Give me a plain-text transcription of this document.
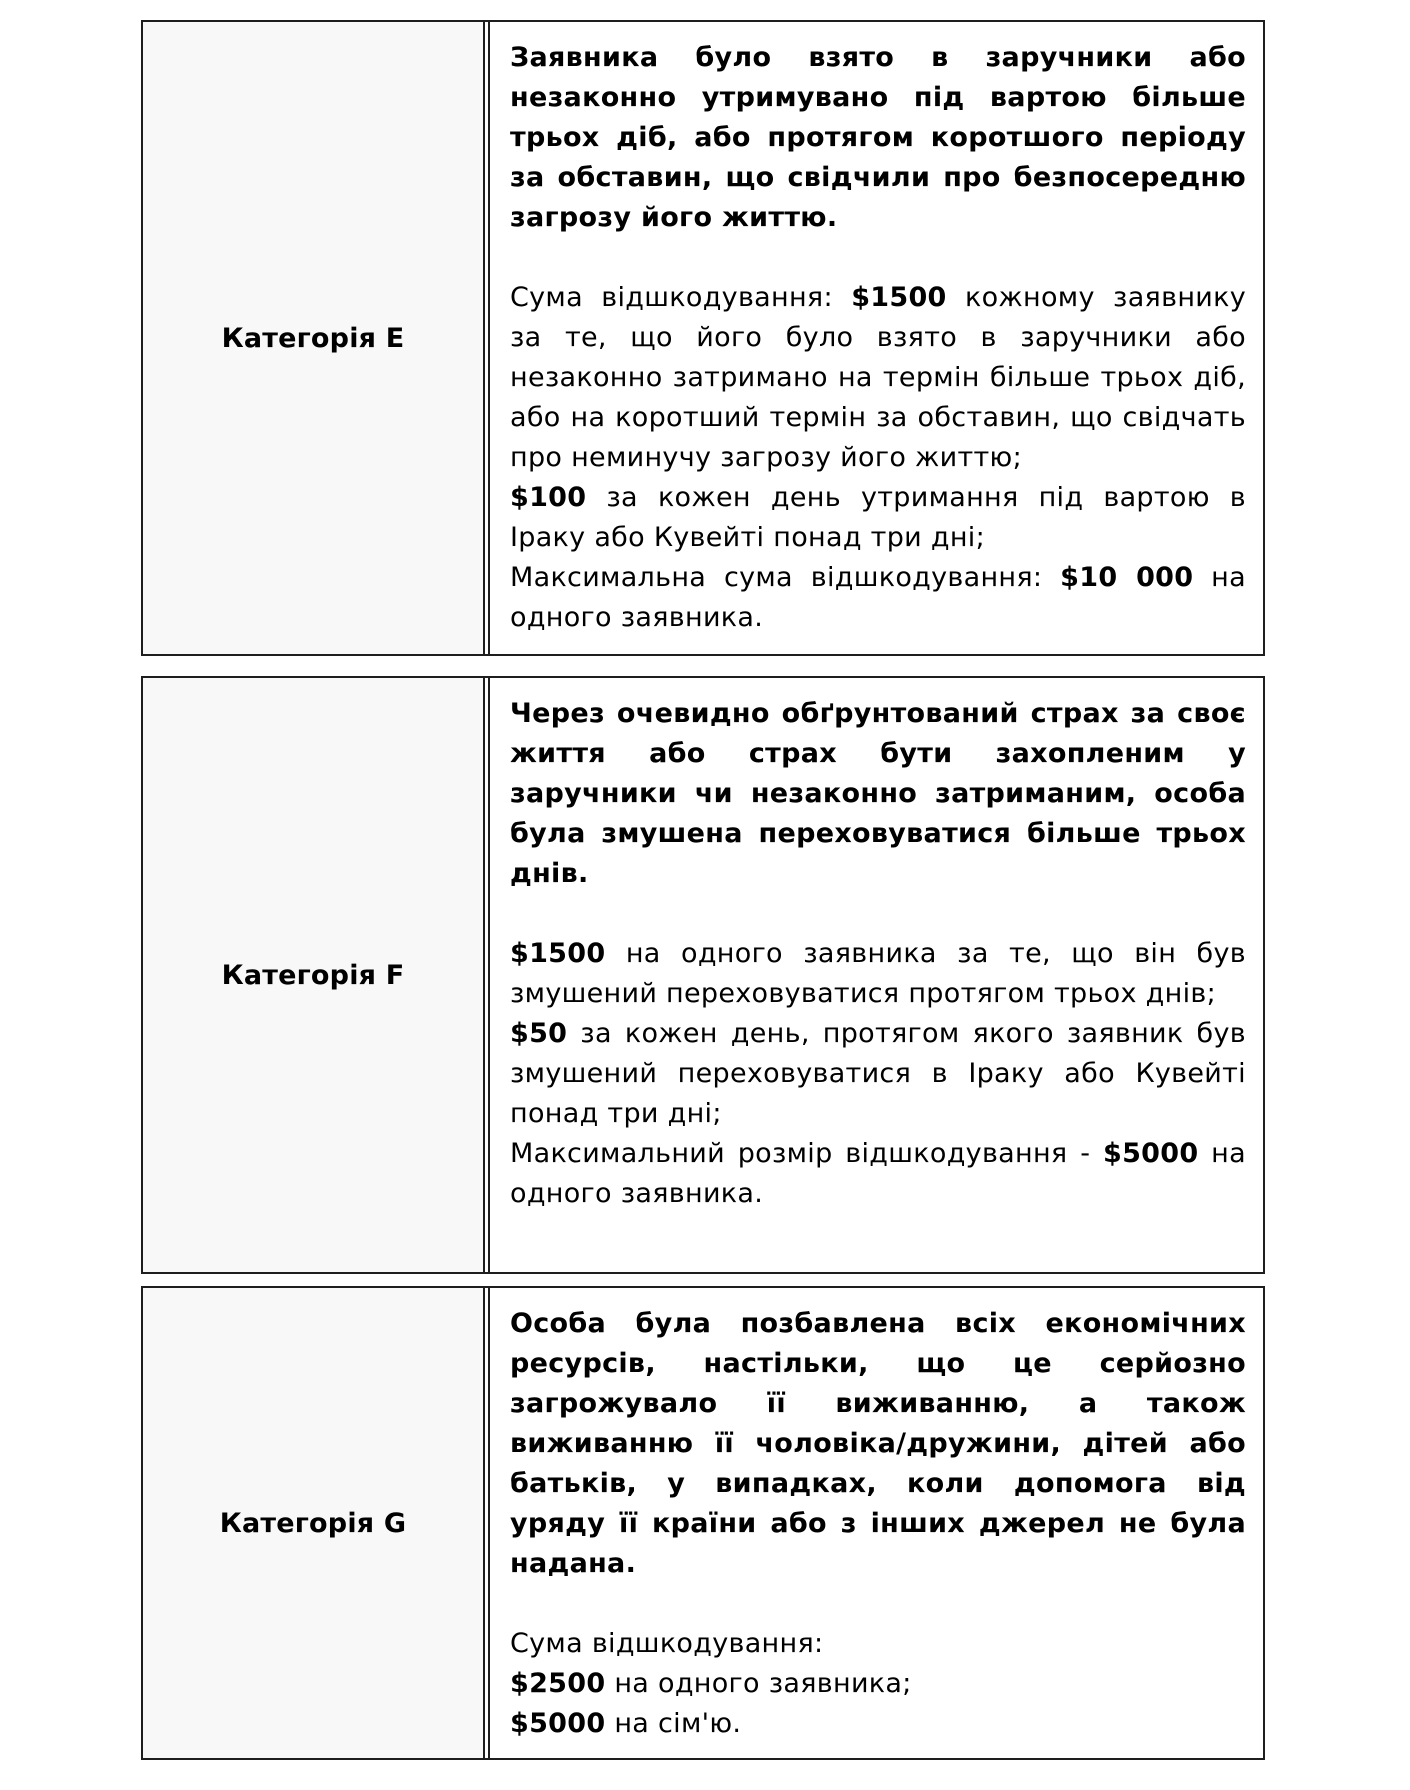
Категорія E

Заявника було взято в заручники або незаконно утримувано під вартою більше трьох діб, або протягом коротшого періоду за обставин, що свідчили про безпосередню загрозу його життю.

Сума відшкодування: $1500 кожному заявнику за те, що його було взято в заручники або незаконно затримано на термін більше трьох діб, або на коротший термін за обставин, що свідчать про неминучу загрозу його життю;

$100 за кожен день утримання під вартою в Іраку або Кувейті понад три дні;

Максимальна сума відшкодування: $10 000 на одного заявника.

Категорія F

Через очевидно обґрунтований страх за своє життя або страх бути захопленим у заручники чи незаконно затриманим, особа була змушена переховуватися більше трьох днів.

$1500 на одного заявника за те, що він був змушений переховуватися протягом трьох днів;

$50 за кожен день, протягом якого заявник був змушений переховуватися в Іраку або Кувейті понад три дні;

Максимальний розмір відшкодування - $5000 на одного заявника.

Категорія G

Особа була позбавлена всіх економічних ресурсів, настільки, що це серйозно загрожувало її виживанню, а також виживанню її чоловіка/дружини, дітей або батьків, у випадках, коли допомога від уряду її країни або з інших джерел не була надана.

Сума відшкодування:

$2500 на одного заявника;

$5000 на сім'ю.
